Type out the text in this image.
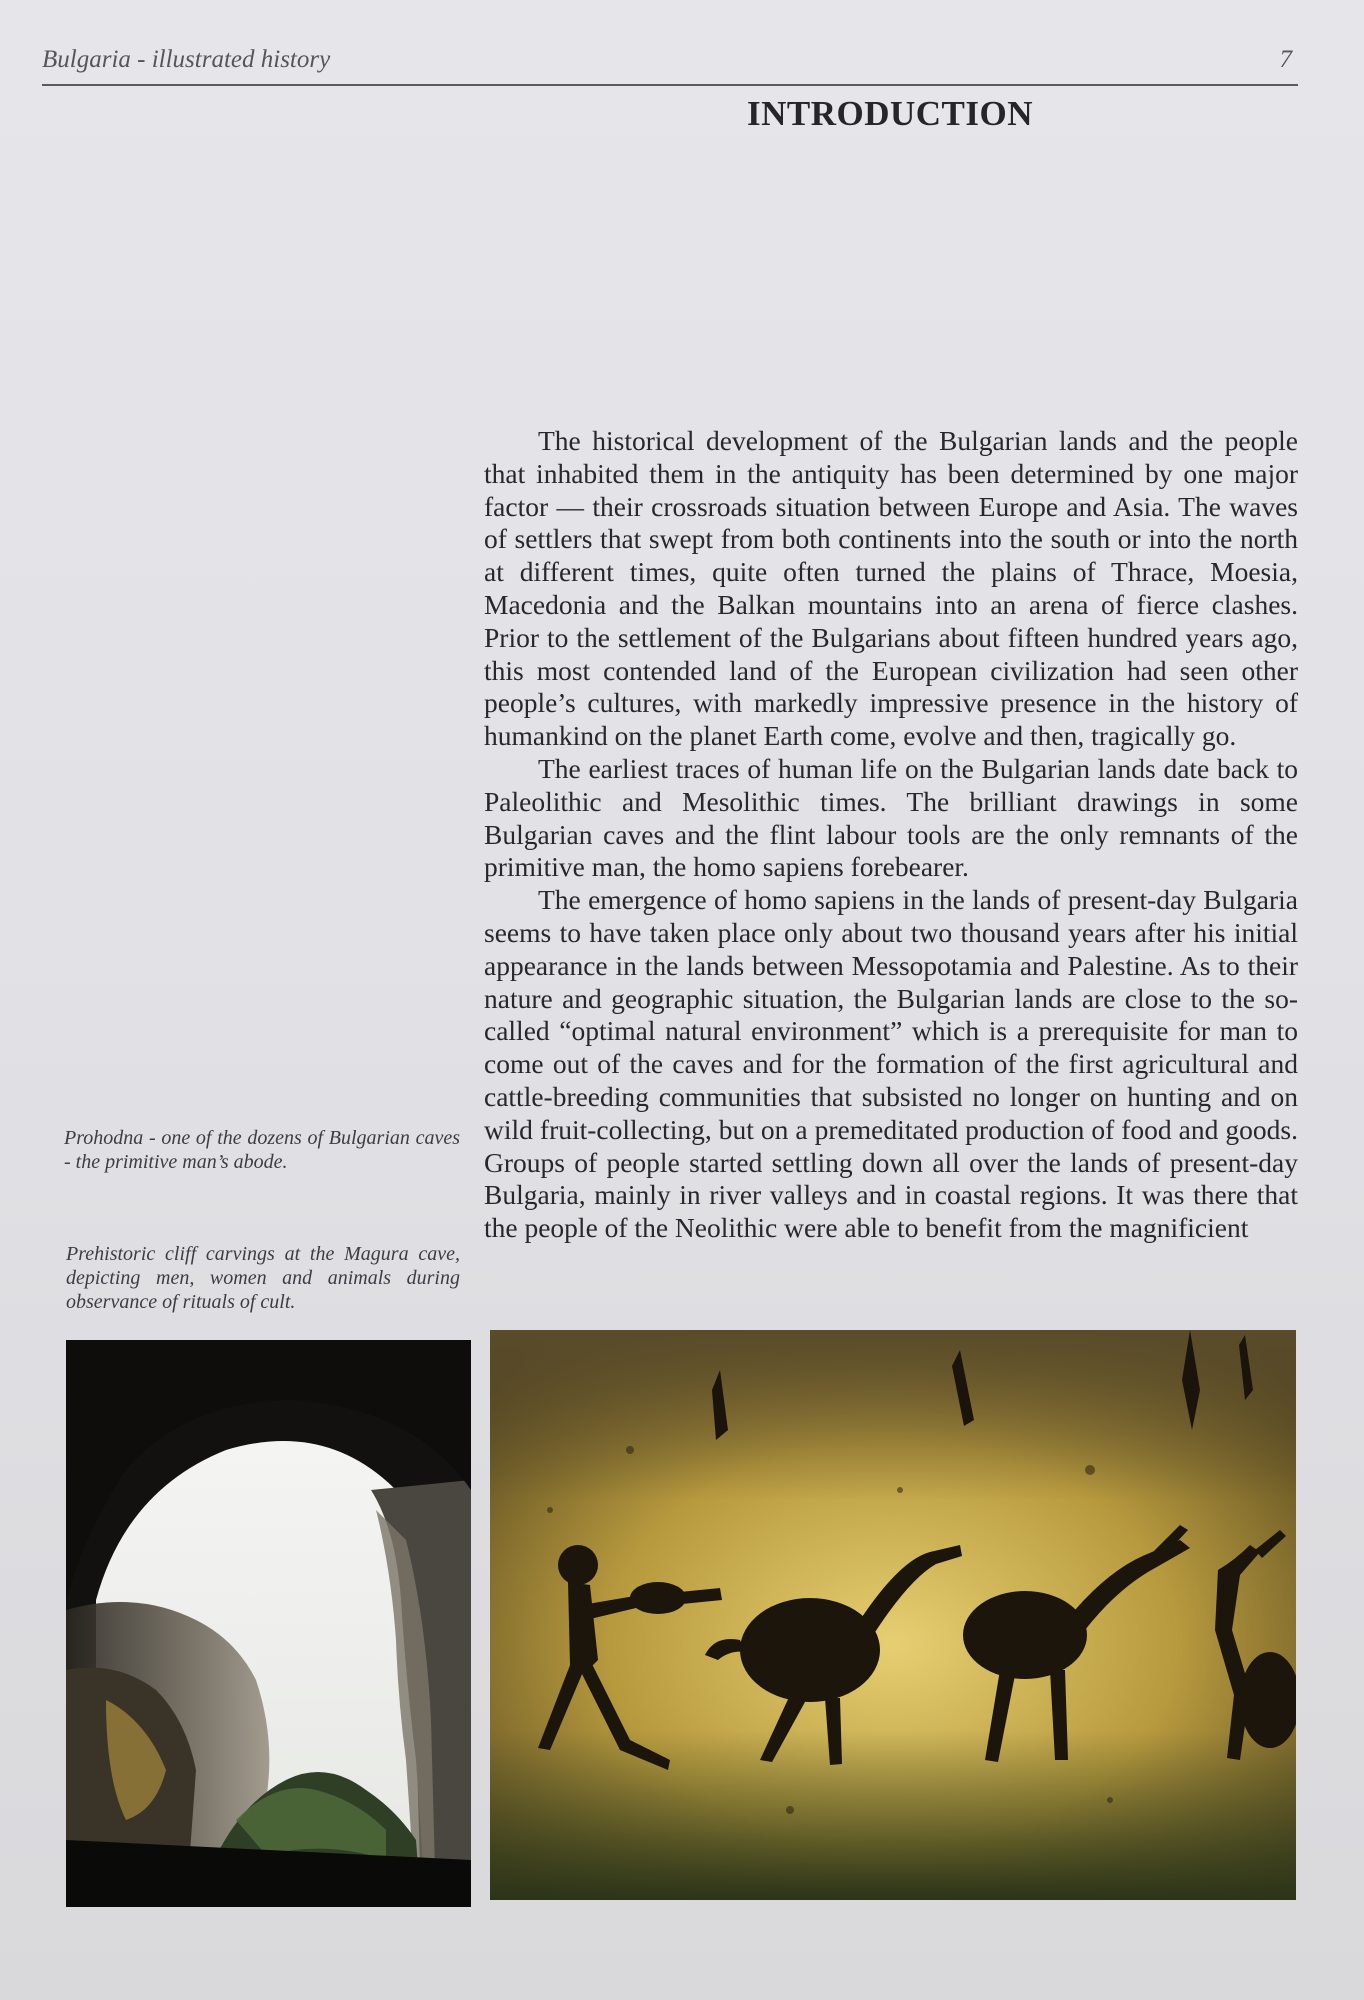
Bulgaria - illustrated history	7
INTRODUCTION

The historical development of the Bulgarian lands and the people that inhabited them in the antiquity has been determined by one major factor — their crossroads situation between Europe and Asia. The waves of settlers that swept from both continents into the south or into the north at different times, quite often turned the plains of Thrace, Moesia, Macedonia and the Balkan mountains into an arena of fierce clashes. Prior to the settlement of the Bulgarians about fifteen hundred years ago, this most contended land of the European civilization had seen other people’s cultures, with markedly impressive presence in the history of humankind on the planet Earth come, evolve and then, tragically go.

The earliest traces of human life on the Bulgarian lands date back to Paleolithic and Mesolithic times. The brilliant drawings in some Bulgarian caves and the flint labour tools are the only remnants of the primitive man, the homo sapiens forebearer.

The emergence of homo sapiens in the lands of present-day Bulgaria seems to have taken place only about two thousand years after his initial appearance in the lands between Messopotamia and Palestine. As to their nature and geographic situation, the Bulgarian lands are close to the so-called “optimal natural environment” which is a prerequisite for man to come out of the caves and for the formation of the first agricultural and cattle-breeding communities that subsisted no longer on hunting and on wild fruit-collecting, but on a premeditated production of food and goods. Groups of people started settling down all over the lands of present-day Bulgaria, mainly in river valleys and in coastal regions. It was there that the people of the Neolithic were able to benefit from the magnificient

Prohodna - one of the dozens of Bulgarian caves - the primitive man’s abode.
Prehistoric cliff carvings at the Magura cave, depicting men, women and animals during observance of rituals of cult.
